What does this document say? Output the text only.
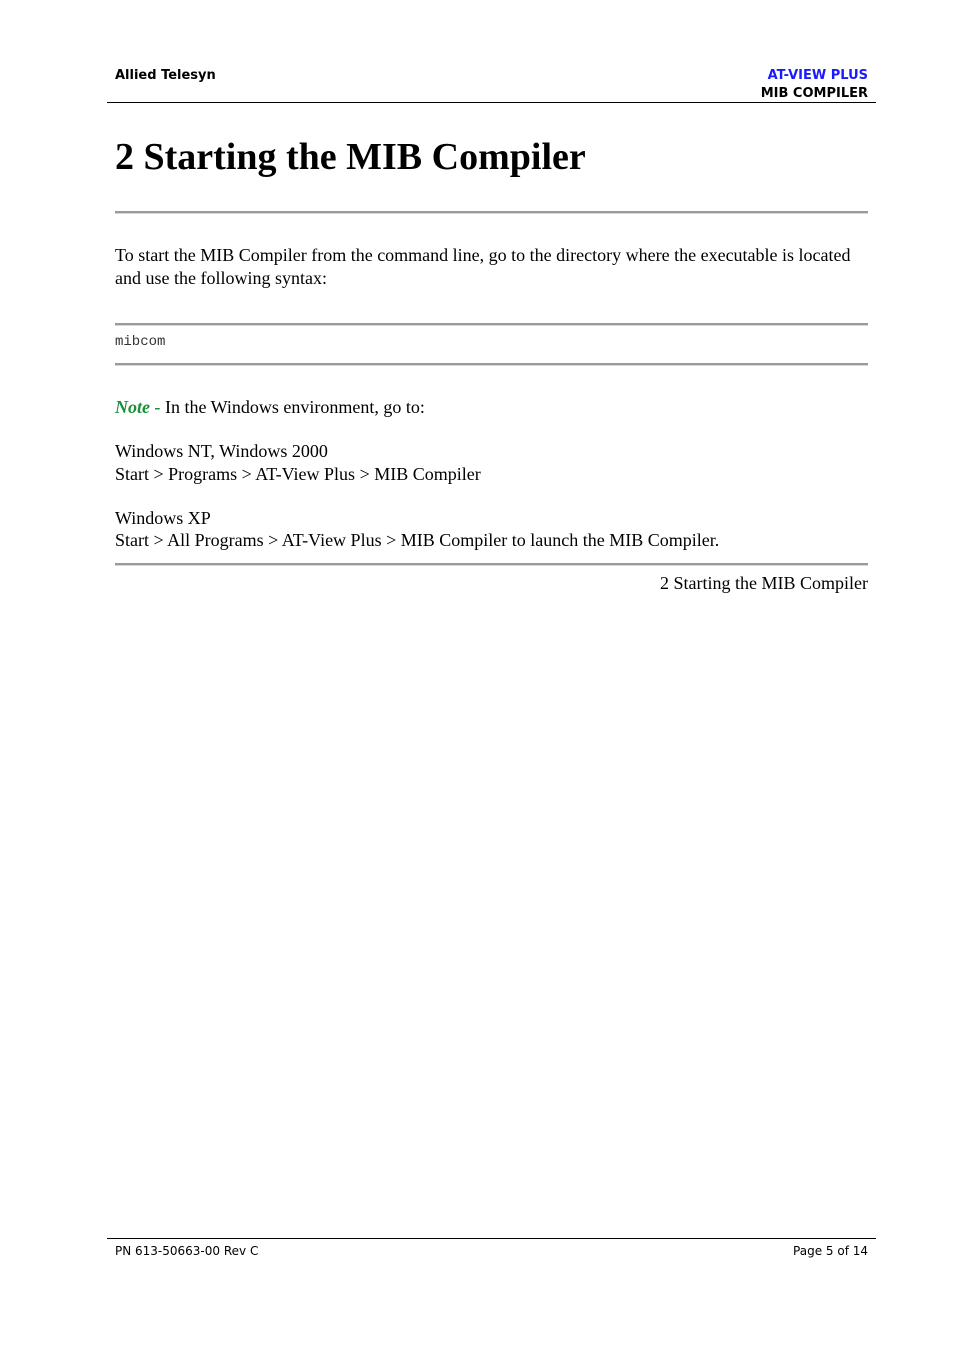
Allied Telesyn	AT-VIEW PLUS
MIB COMPILER
2 Starting the MIB Compiler

To start the MIB Compiler from the command line, go to the directory where the executable is located and use the following syntax:

mibcom

Note - In the Windows environment, go to:

Windows NT, Windows 2000

Start > Programs > AT-View Plus > MIB Compiler

Windows XP

Start > All Programs > AT-View Plus > MIB Compiler to launch the MIB Compiler.

2 Starting the MIB Compiler
PN 613-50663-00 Rev C	Page 5 of 14
